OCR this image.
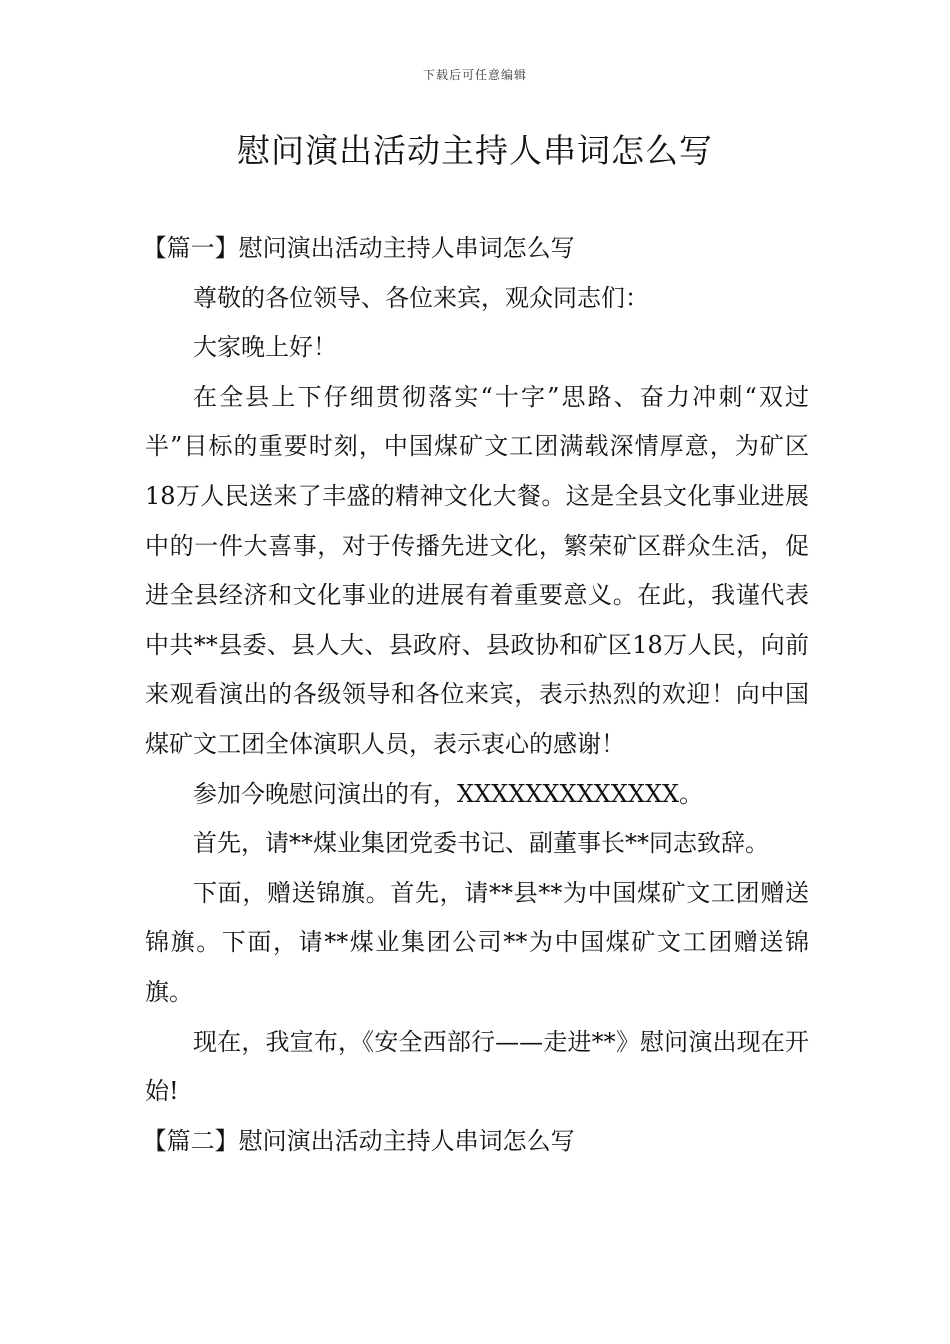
下载后可任意编辑
慰问演出活动主持人串词怎么写

【篇一】慰问演出活动主持人串词怎么写

尊敬的各位领导、各位来宾，观众同志们：

大家晚上好！

在全县上下仔细贯彻落实“十字”思路、奋力冲刺“双过半”目标的重要时刻，中国煤矿文工团满载深情厚意，为矿区18万人民送来了丰盛的精神文化大餐。这是全县文化事业进展中的一件大喜事，对于传播先进文化，繁荣矿区群众生活，促进全县经济和文化事业的进展有着重要意义。在此，我谨代表中共**县委、县人大、县政府、县政协和矿区18万人民，向前来观看演出的各级领导和各位来宾，表示热烈的欢迎！向中国煤矿文工团全体演职人员，表示衷心的感谢！

参加今晚慰问演出的有，XXXXXXXXXXXXX。

首先，请**煤业集团党委书记、副董事长**同志致辞。

下面，赠送锦旗。首先，请**县**为中国煤矿文工团赠送锦旗。下面，请**煤业集团公司**为中国煤矿文工团赠送锦旗。

现在，我宣布，《安全西部行——走进**》慰问演出现在开始!

【篇二】慰问演出活动主持人串词怎么写
